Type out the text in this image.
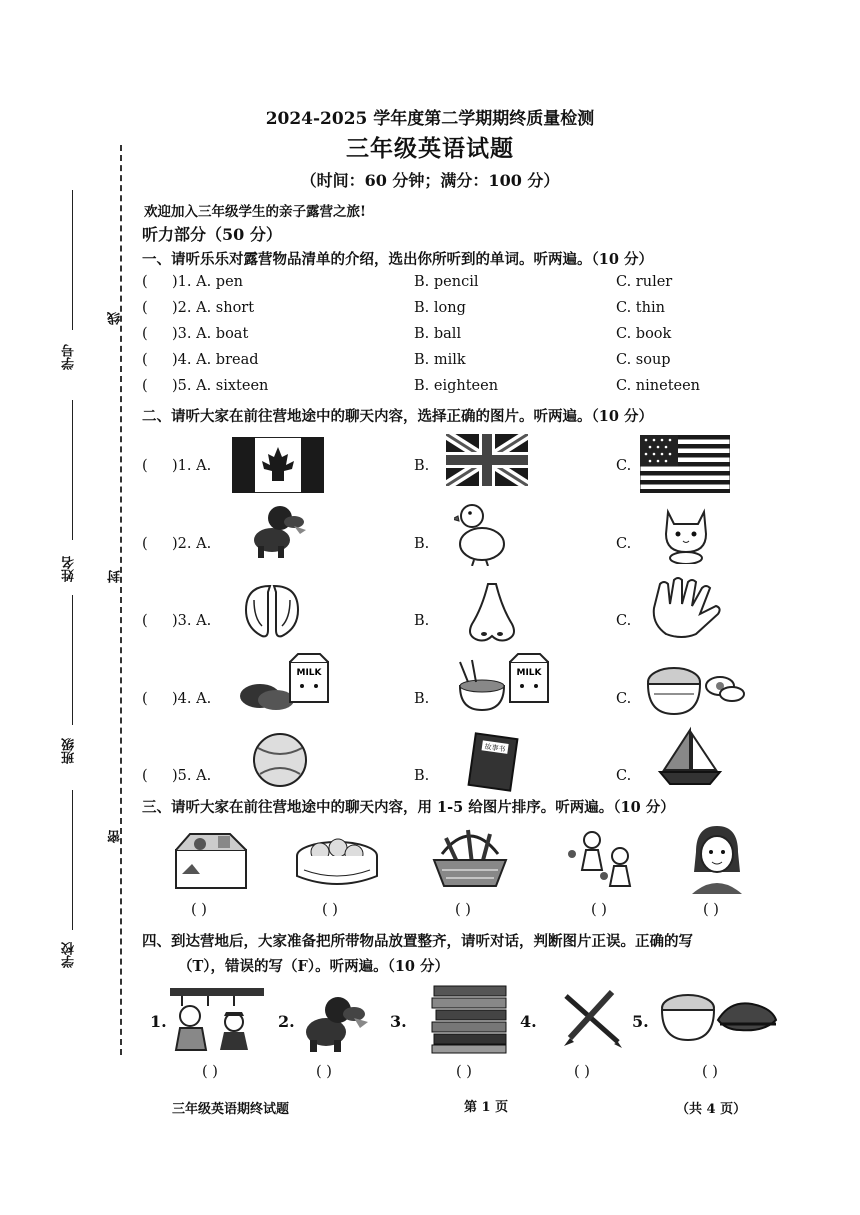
2024-2025 学年度第二学期期终质量检测
三年级英语试题
（时间：60 分钟；满分：100 分）
学号
姓名
班级
学校
线
封
密
欢迎加入三年级学生的亲子露营之旅!
听力部分（50 分）
一、请听乐乐对露营物品清单的介绍，选出你所听到的单词。听两遍。（10 分）
( )1. A. pen	B. pencil	C. ruler
( )2. A. short	B. long	C. thin
( )3. A. boat	B. ball	C. book
( )4. A. bread	B. milk	C. soup
( )5. A. sixteen	B. eighteen	C. nineteen
二、请听大家在前往营地途中的聊天内容，选择正确的图片。听两遍。（10 分）
)1. A.	B.	C.
(
)2. A.	B.	C.
)3. A.	B.	C.
)4. A.	B.	C.
MILK	MILK
)5. A.	B.	C.
故事书
三、请听大家在前往营地途中的聊天内容，用 1-5 给图片排序。听两遍。（10 分）
( )	( )	( )	( )	( )
四、到达营地后，大家准备把所带物品放置整齐，请听对话，判断图片正误。正确的写
（T），错误的写（F）。听两遍。（10 分）
1.	2.	3.	4.	5.
( )	( )	( )	( )	( )
三年级英语期终试题	第 1 页	（共 4 页）
(
(
(
(
